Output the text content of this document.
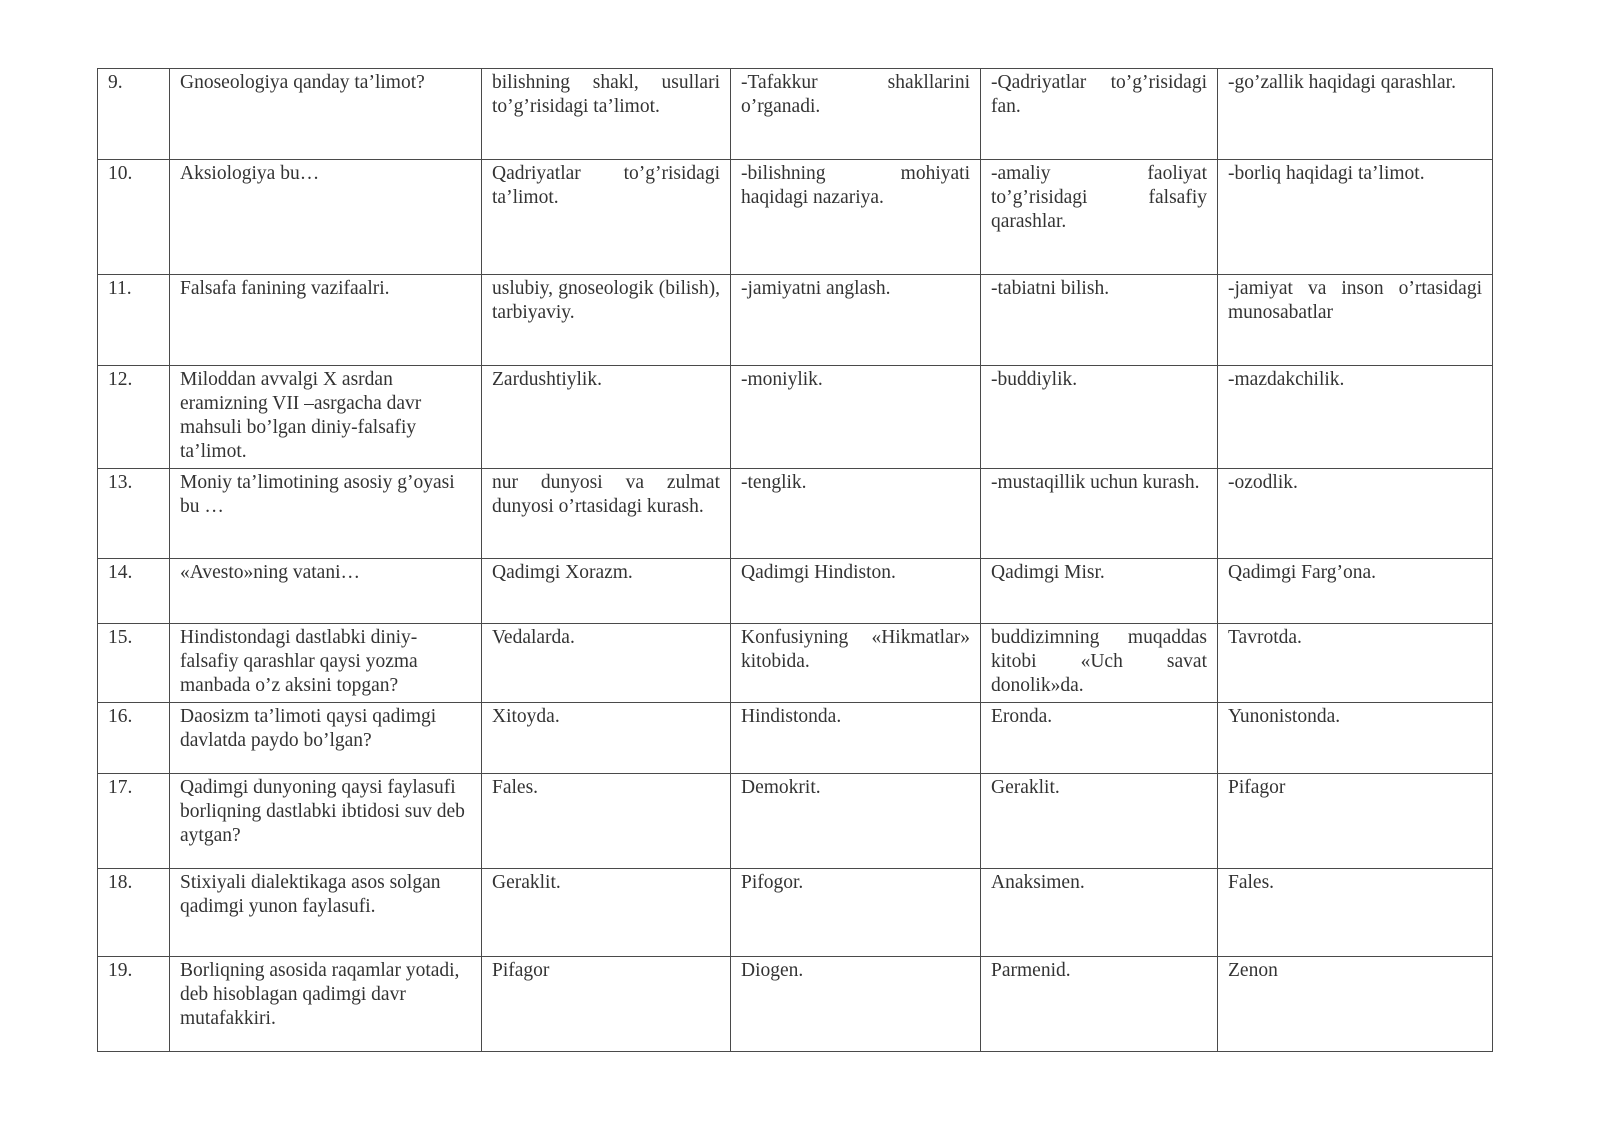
9.	Gnoseologiya qanday ta’limot?	bilishning shakl, usullari to’g’risidagi ta’limot.	-Tafakkur shakllarini o’rganadi.	-Qadriyatlar to’g’risidagi fan.	-go’zallik haqidagi qarashlar.
10.	Aksiologiya bu…	Qadriyatlar to’g’risidagi ta’limot.	-bilishning mohiyati haqidagi nazariya.	-amaliy faoliyat to’g’risidagi falsafiy qarashlar.	-borliq haqidagi ta’limot.
11.	Falsafa fanining vazifaalri.	uslubiy, gnoseologik (bilish), tarbiyaviy.	-jamiyatni anglash.	-tabiatni bilish.	-jamiyat va inson o’rtasidagi munosabatlar
12.	Miloddan avvalgi X asrdan eramizning VII –asrgacha davr mahsuli bo’lgan diniy-falsafiy ta’limot.	Zardushtiylik.	-moniylik.	-buddiylik.	-mazdakchilik.
13.	Moniy ta’limotining asosiy g’oyasi bu …	nur dunyosi va zulmat dunyosi o’rtasidagi kurash.	-tenglik.	-mustaqillik uchun kurash.	-ozodlik.
14.	«Avesto»ning vatani…	Qadimgi Xorazm.	Qadimgi Hindiston.	Qadimgi Misr.	Qadimgi Farg’ona.
15.	Hindistondagi dastlabki diniy-falsafiy qarashlar qaysi yozma manbada o’z aksini topgan?	Vedalarda.	Konfusiyning «Hikmatlar» kitobida.	buddizimning muqaddas kitobi «Uch savat donolik»da.	Tavrotda.
16.	Daosizm ta’limoti qaysi qadimgi davlatda paydo bo’lgan?	Xitoyda.	Hindistonda.	Eronda.	Yunonistonda.
17.	Qadimgi dunyoning qaysi faylasufi borliqning dastlabki ibtidosi suv deb aytgan?	Fales.	Demokrit.	Geraklit.	Pifagor
18.	Stixiyali dialektikaga asos solgan qadimgi yunon faylasufi.	Geraklit.	Pifogor.	Anaksimen.	Fales.
19.	Borliqning asosida raqamlar yotadi, deb hisoblagan qadimgi davr mutafakkiri.	Pifagor	Diogen.	Parmenid.	Zenon
